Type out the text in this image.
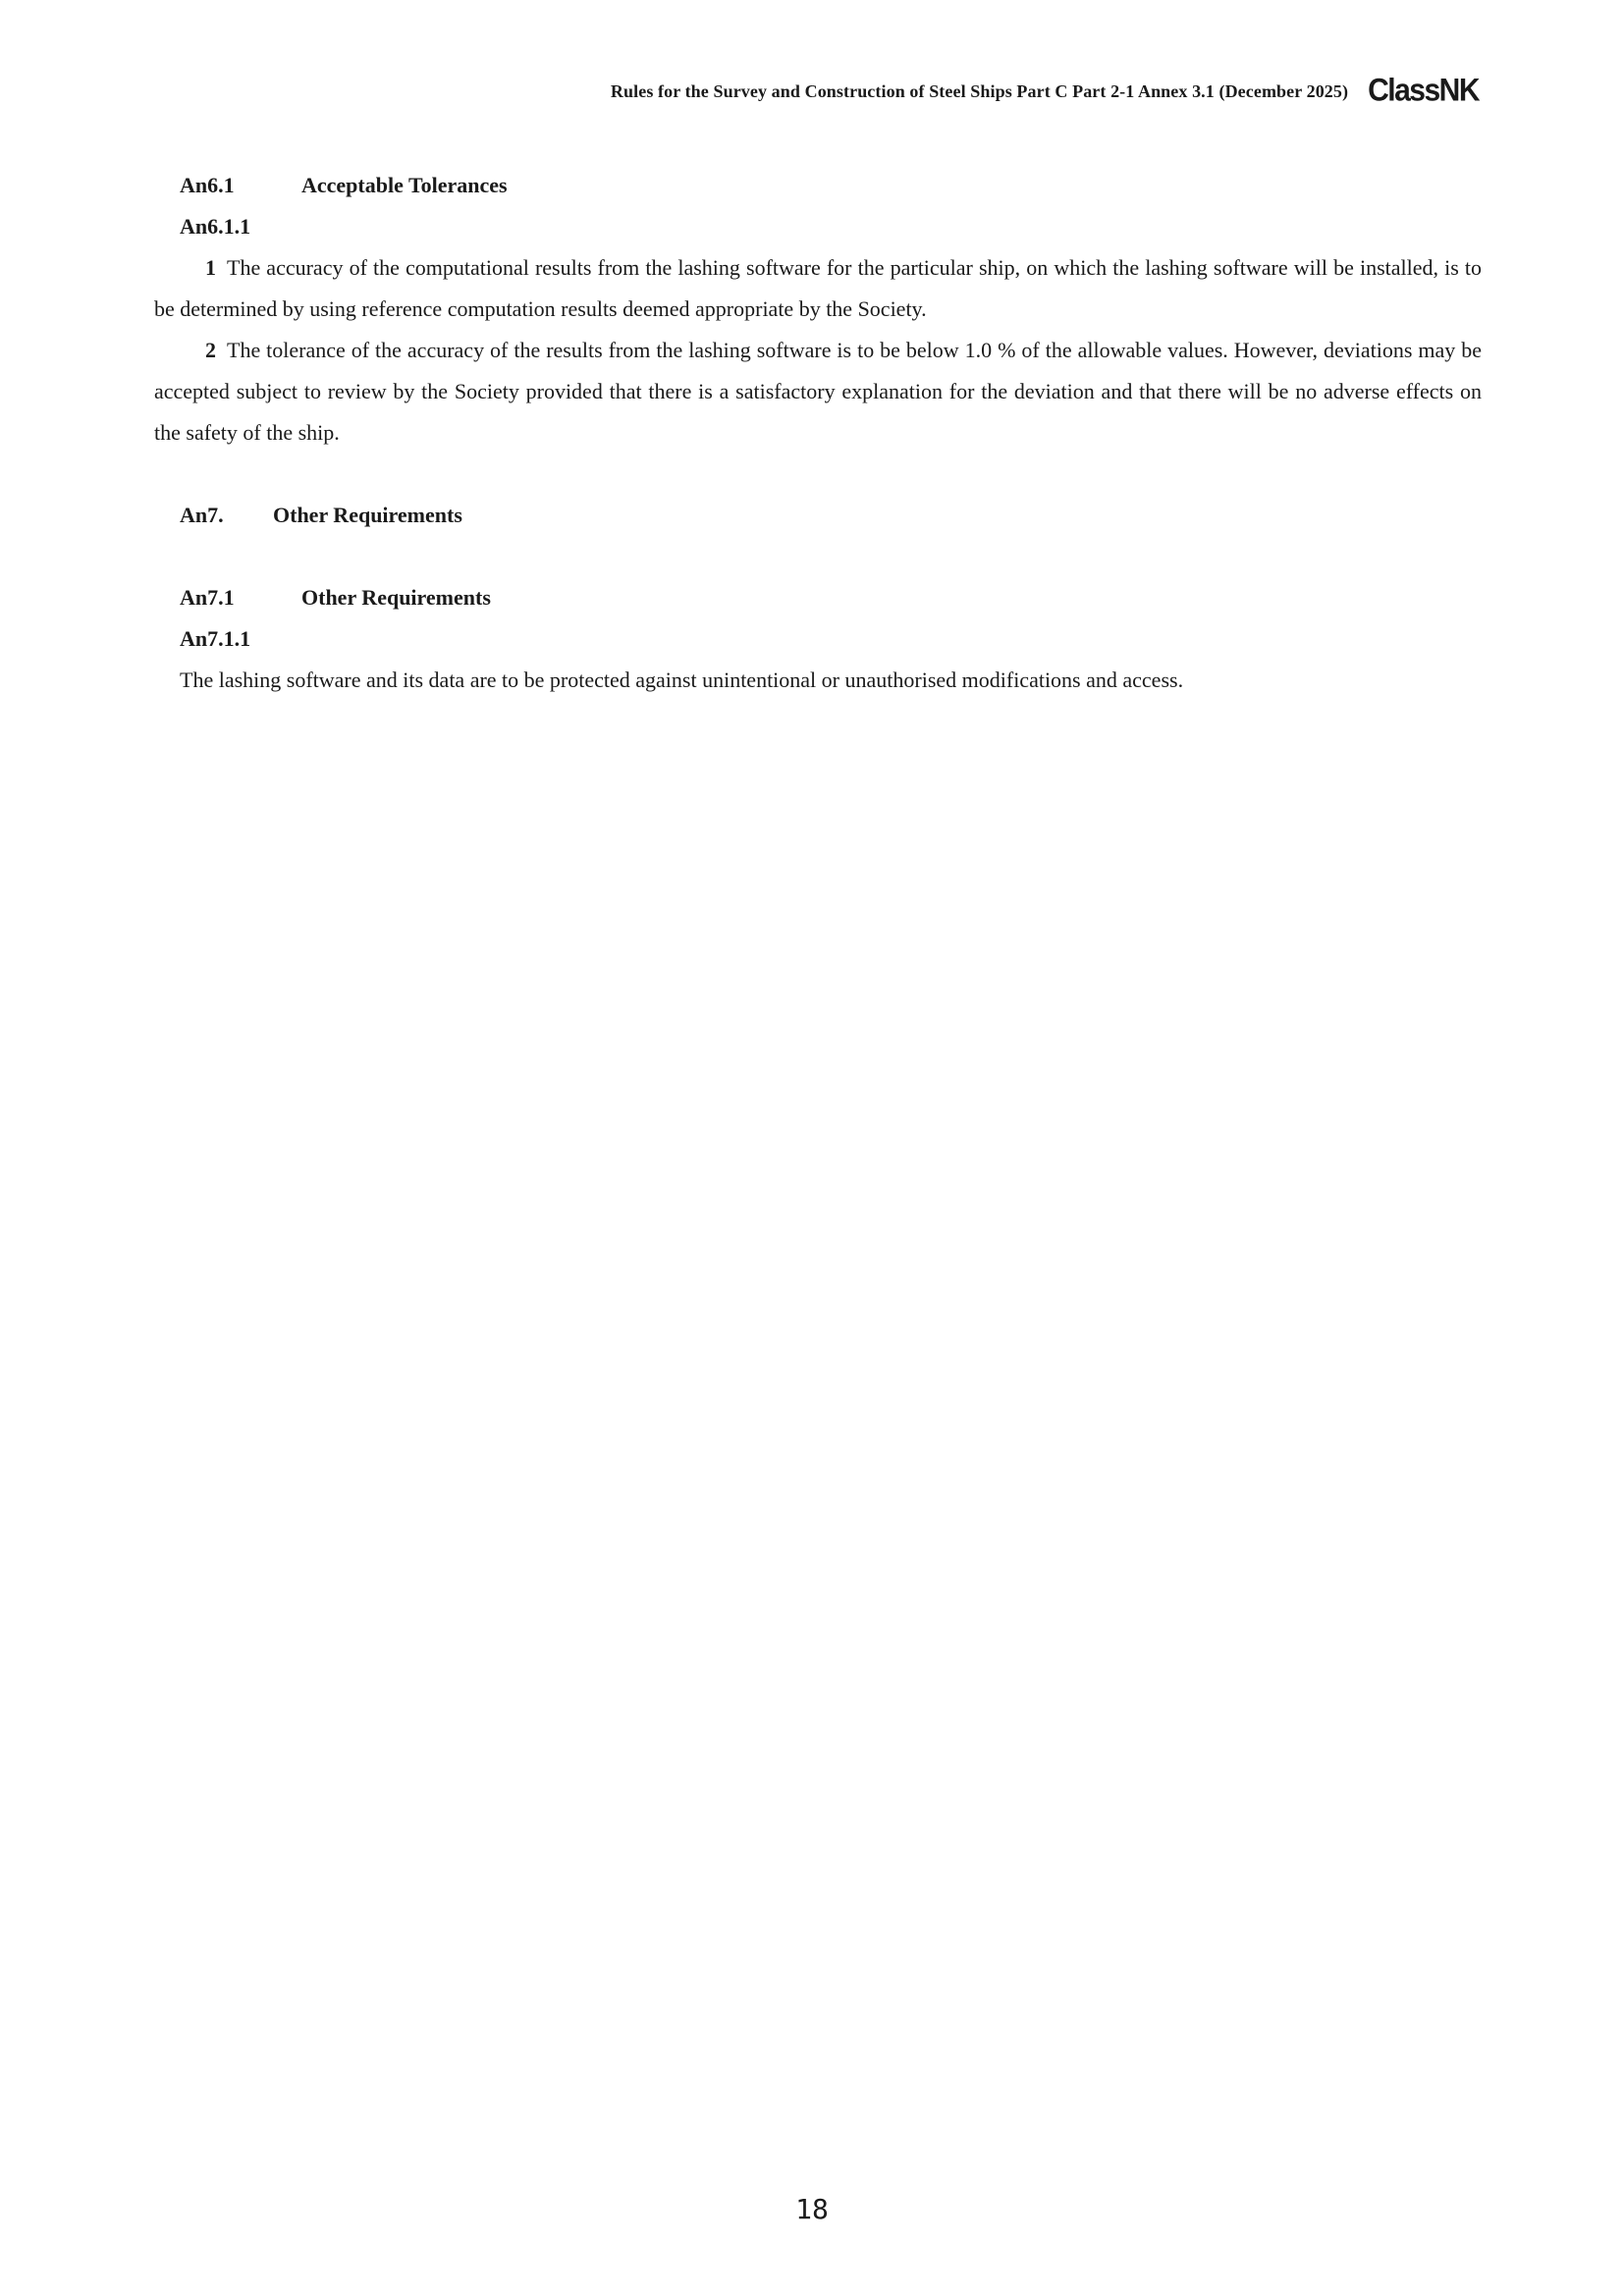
Rules for the Survey and Construction of Steel Ships Part C Part 2-1 Annex 3.1 (December 2025) ClassNK
An6.1	Acceptable Tolerances
An6.1.1

1 The accuracy of the computational results from the lashing software for the particular ship, on which the lashing software will be installed, is to be determined by using reference computation results deemed appropriate by the Society.

2 The tolerance of the accuracy of the results from the lashing software is to be below 1.0 % of the allowable values. However, deviations may be accepted subject to review by the Society provided that there is a satisfactory explanation for the deviation and that there will be no adverse effects on the safety of the ship.

An7.	Other Requirements
An7.1	Other Requirements
An7.1.1

The lashing software and its data are to be protected against unintentional or unauthorised modifications and access.

18
